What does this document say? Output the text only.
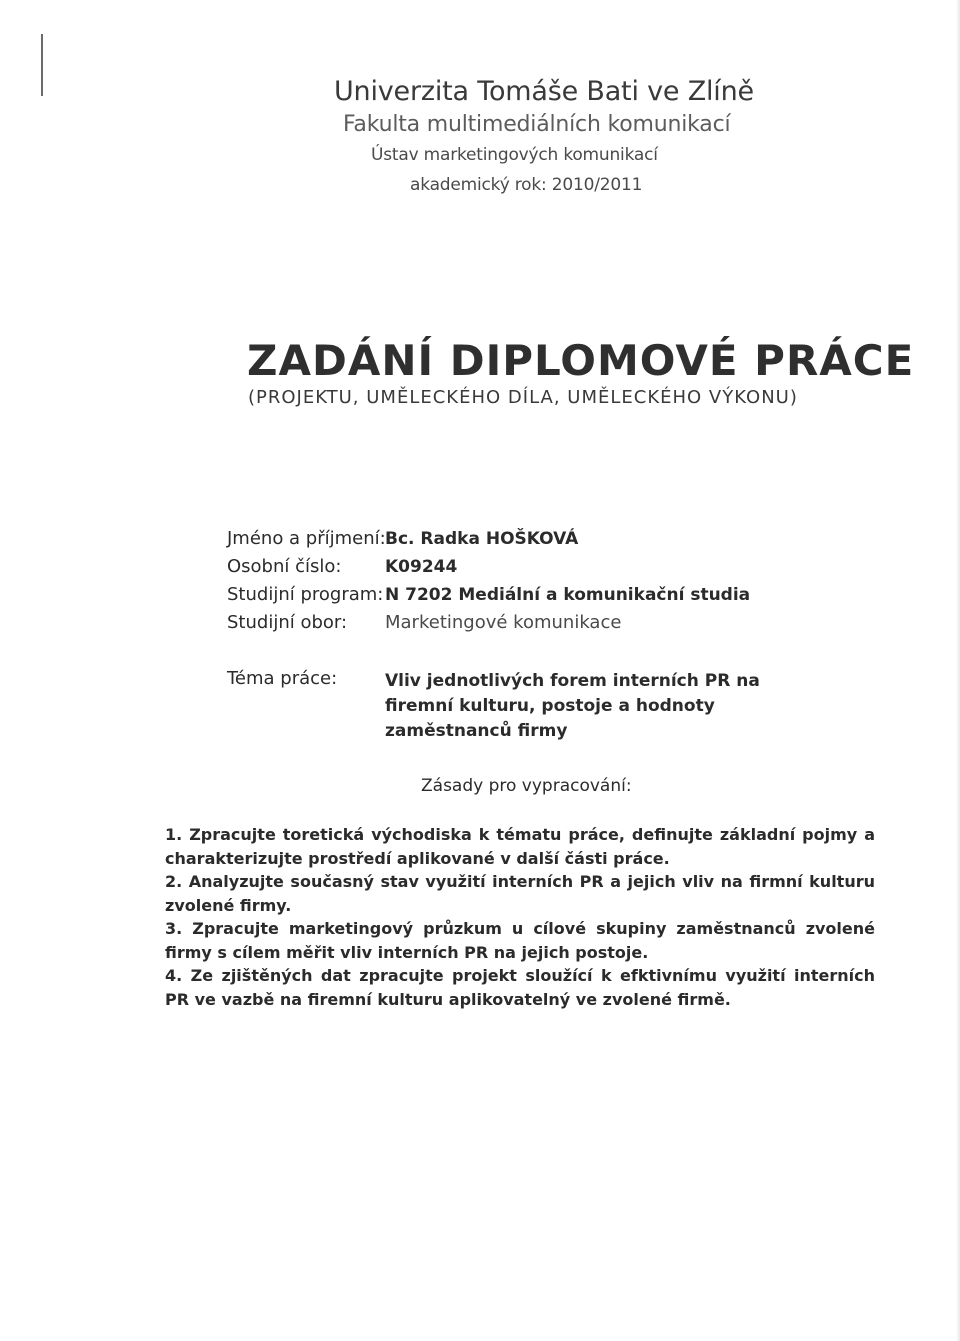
Univerzita Tomáše Bati ve Zlíně
Fakulta multimediálních komunikací
Ústav marketingových komunikací
akademický rok: 2010/2011
ZADÁNÍ DIPLOMOVÉ PRÁCE
(PROJEKTU, UMĚLECKÉHO DÍLA, UMĚLECKÉHO VÝKONU)
Jméno a příjmení: Bc. Radka HOŠKOVÁ
Osobní číslo:	K09244
Studijní program: N 7202 Mediální a komunikační studia
Studijní obor: Marketingové komunikace
Téma práce:	Vliv jednotlivých forem interních PR na firemní kulturu, postoje a hodnoty zaměstnanců firmy
Zásady pro vypracování:

1. Zpracujte toretická východiska k tématu práce, definujte základní pojmy a charakterizujte prostředí aplikované v další části práce.

2. Analyzujte současný stav využití interních PR a jejich vliv na firmní kulturu zvolené firmy.

3. Zpracujte marketingový průzkum u cílové skupiny zaměstnanců zvolené firmy s cílem měřit vliv interních PR na jejich postoje.

4. Ze zjištěných dat zpracujte projekt sloužící k efktivnímu využití interních PR ve vazbě na firemní kulturu aplikovatelný ve zvolené firmě.
